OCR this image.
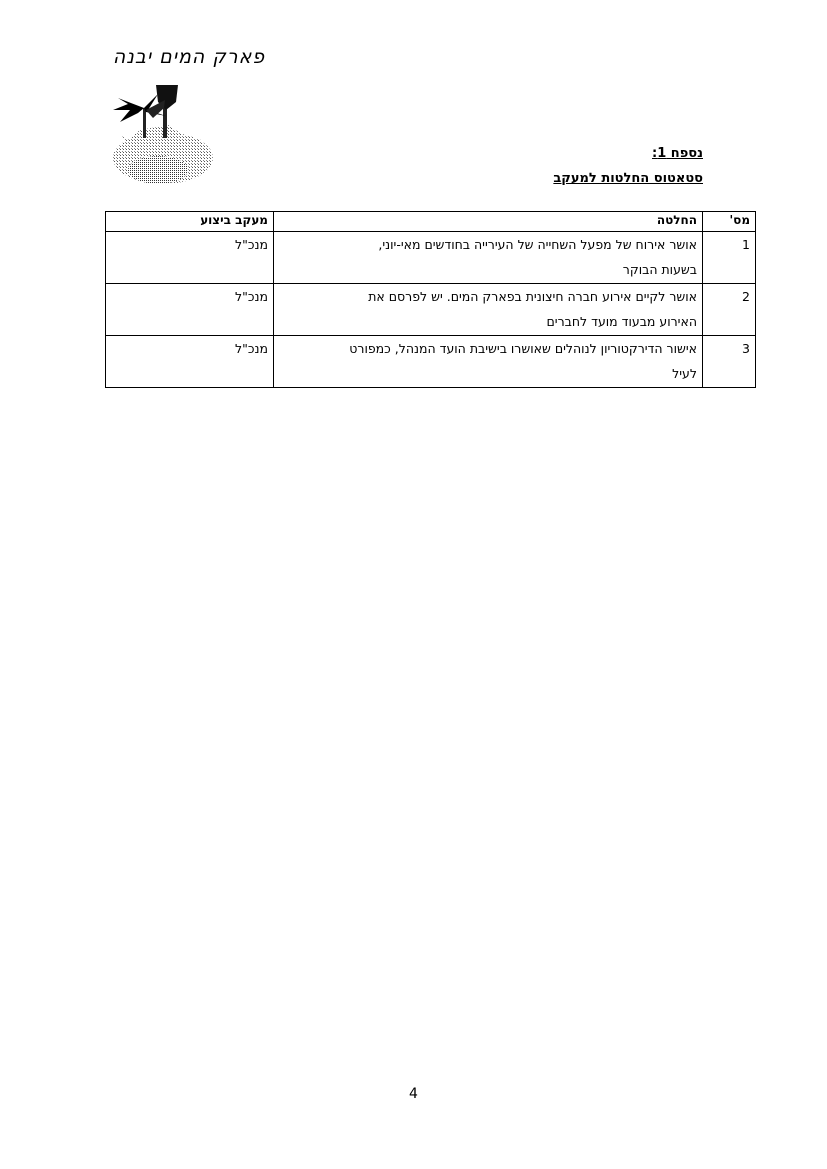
פארק המים יבנה
נספח 1:
סטאטוס החלטות למעקב
מס'	החלטה	מעקב ביצוע
1	אושר אירוח של מפעל השחייה של העירייה בחודשים מאי-יוני,
בשעות הבוקר	מנכ"ל
2	אושר לקיים אירוע חברה חיצונית בפארק המים. יש לפרסם את
האירוע מבעוד מועד לחברים	מנכ"ל
3	אישור הדירקטוריון לנוהלים שאושרו בישיבת הועד המנהל, כמפורט
לעיל	מנכ"ל
4
